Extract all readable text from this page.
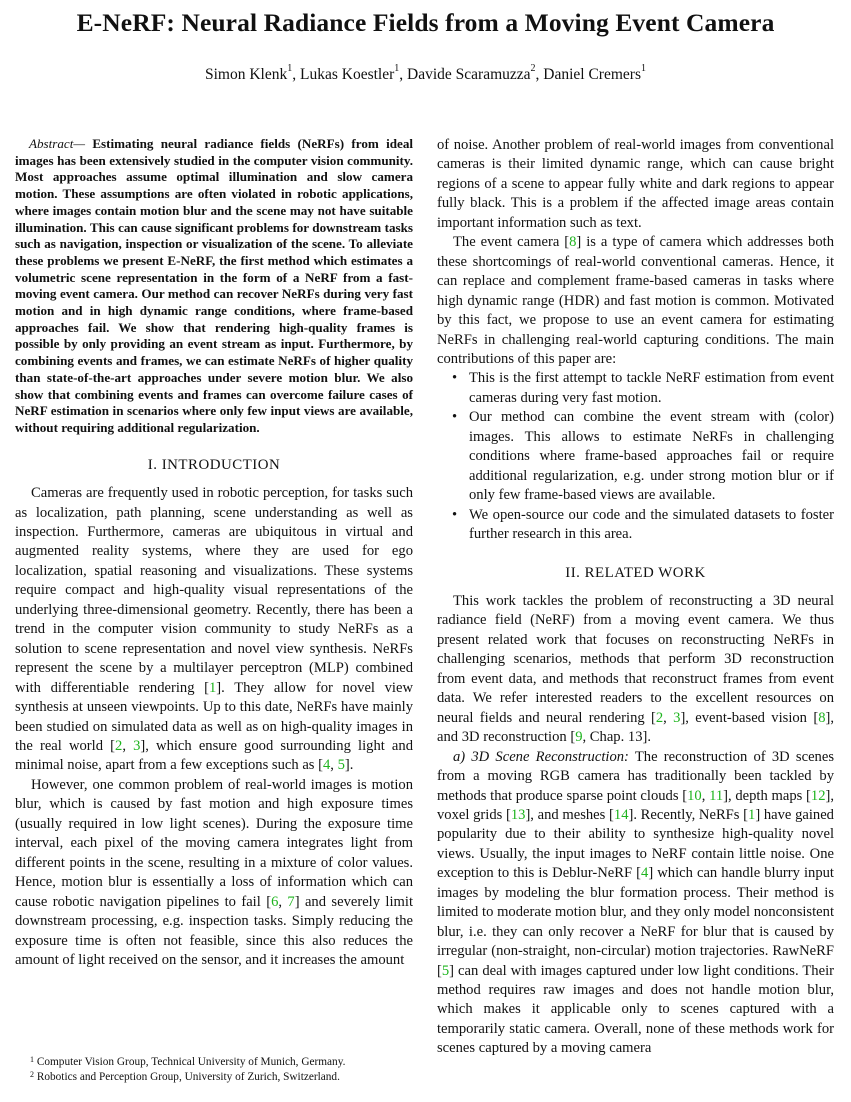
E-NeRF: Neural Radiance Fields from a Moving Event Camera
Simon Klenk$^1$, Lukas Koestler$^1$, Davide Scaramuzza$^2$, Daniel Cremers$^1$

Abstract— Estimating neural radiance fields (NeRFs) from ideal images has been extensively studied in the computer vision community. Most approaches assume optimal illumination and slow camera motion. These assumptions are often violated in robotic applications, where images contain motion blur and the scene may not have suitable illumination. This can cause significant problems for downstream tasks such as navigation, inspection or visualization of the scene. To alleviate these problems we present E-NeRF, the first method which estimates a volumetric scene representation in the form of a NeRF from a fast-moving event camera. Our method can recover NeRFs during very fast motion and in high dynamic range conditions, where frame-based approaches fail. We show that rendering high-quality frames is possible by only providing an event stream as input. Furthermore, by combining events and frames, we can estimate NeRFs of higher quality than state-of-the-art approaches under severe motion blur. We also show that combining events and frames can overcome failure cases of NeRF estimation in scenarios where only few input views are available, without requiring additional regularization.

I. INTRODUCTION

Cameras are frequently used in robotic perception, for tasks such as localization, path planning, scene understanding as well as inspection. Furthermore, cameras are ubiquitous in virtual and augmented reality systems, where they are used for ego localization, spatial reasoning and visualizations. These systems require compact and high-quality visual representations of the underlying three-dimensional geometry. Recently, there has been a trend in the computer vision community to study NeRFs as a solution to scene representation and novel view synthesis. NeRFs represent the scene by a multilayer perceptron (MLP) combined with differentiable rendering [1]. They allow for novel view synthesis at unseen viewpoints. Up to this date, NeRFs have mainly been studied on simulated data as well as on high-quality images in the real world [2, 3], which ensure good surrounding light and minimal noise, apart from a few exceptions such as [4, 5].

However, one common problem of real-world images is motion blur, which is caused by fast motion and high exposure times (usually required in low light scenes). During the exposure time interval, each pixel of the moving camera integrates light from different points in the scene, resulting in a mixture of color values. Hence, motion blur is essentially a loss of information which can cause robotic navigation pipelines to fail [6, 7] and severely limit downstream processing, e.g. inspection tasks. Simply reducing the exposure time is often not feasible, since this also reduces the amount of light received on the sensor, and it increases the amount

of noise. Another problem of real-world images from conventional cameras is their limited dynamic range, which can cause bright regions of a scene to appear fully white and dark regions to appear fully black. This is a problem if the affected image areas contain important information such as text.

The event camera [8] is a type of camera which addresses both these shortcomings of real-world conventional cameras. Hence, it can replace and complement frame-based cameras in tasks where high dynamic range (HDR) and fast motion is common. Motivated by this fact, we propose to use an event camera for estimating NeRFs in challenging real-world capturing conditions. The main contributions of this paper are:

• This is the first attempt to tackle NeRF estimation from event cameras during very fast motion.
• Our method can combine the event stream with (color) images. This allows to estimate NeRFs in challenging conditions where frame-based approaches fail or require additional regularization, e.g. under strong motion blur or if only few frame-based views are available.
• We open-source our code and the simulated datasets to foster further research in this area.
II. RELATED WORK

This work tackles the problem of reconstructing a 3D neural radiance field (NeRF) from a moving event camera. We thus present related work that focuses on reconstructing NeRFs in challenging scenarios, methods that perform 3D reconstruction from event data, and methods that reconstruct frames from event data. We refer interested readers to the excellent resources on neural fields and neural rendering [2, 3], event-based vision [8], and 3D reconstruction [9, Chap. 13].

a) 3D Scene Reconstruction: The reconstruction of 3D scenes from a moving RGB camera has traditionally been tackled by methods that produce sparse point clouds [10, 11], depth maps [12], voxel grids [13], and meshes [14]. Recently, NeRFs [1] have gained popularity due to their ability to synthesize high-quality novel views. Usually, the input images to NeRF contain little noise. One exception to this is Deblur-NeRF [4] which can handle blurry input images by modeling the blur formation process. Their method is limited to moderate motion blur, and they only model nonconsistent blur, i.e. they can only recover a NeRF for blur that is caused by irregular (non-straight, non-circular) motion trajectories. RawNeRF [5] can deal with images captured under low light conditions. Their method requires raw images and does not handle motion blur, which makes it applicable only to scenes captured with a temporarily static camera. Overall, none of these methods work for scenes captured by a moving camera

$^1$ Computer Vision Group, Technical University of Munich, Germany.
$^2$ Robotics and Perception Group, University of Zurich, Switzerland.
